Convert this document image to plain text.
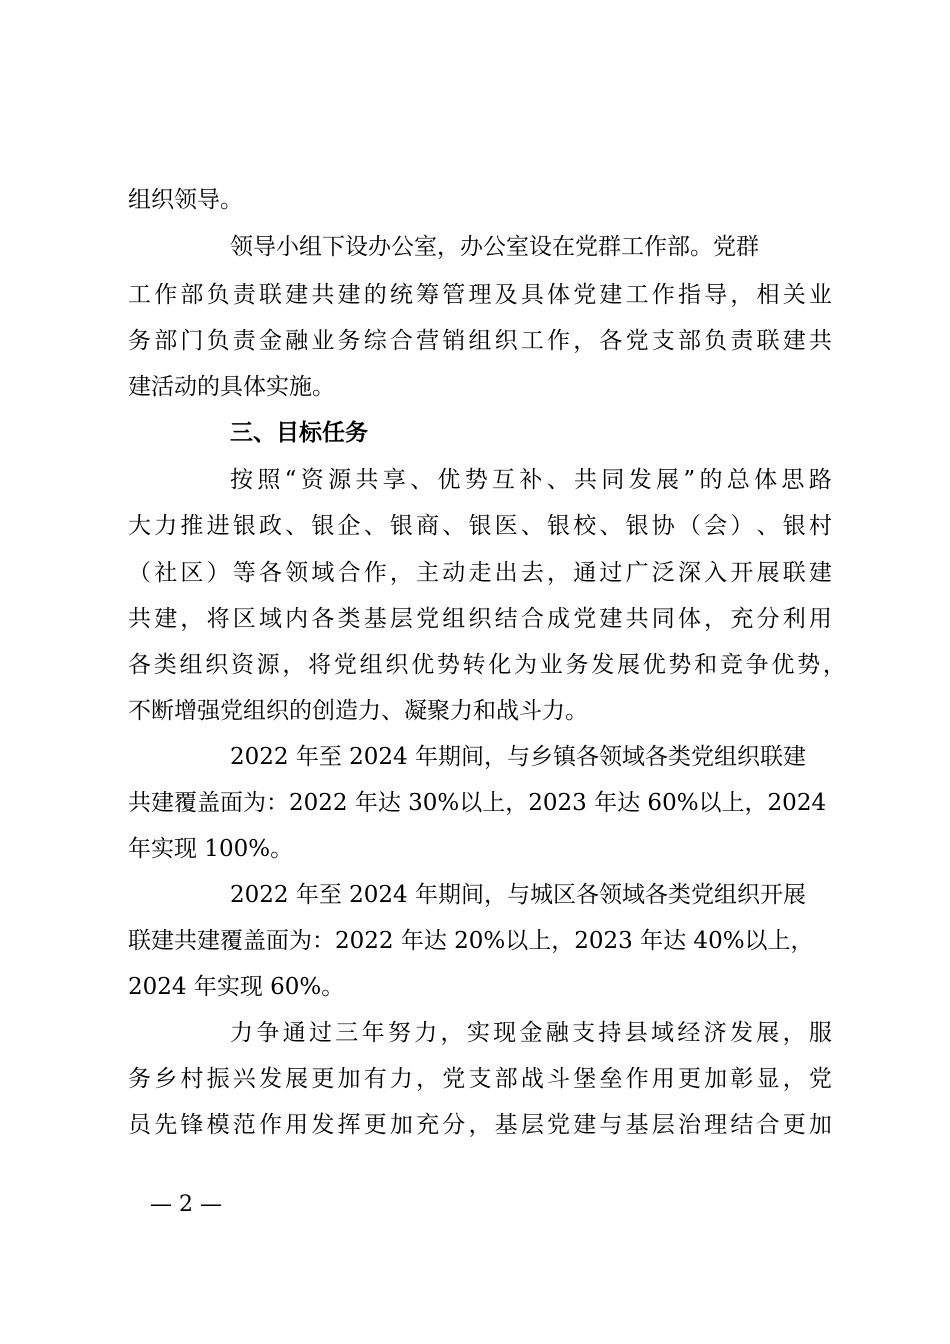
组织领导。
领导小组下设办公室，办公室设在党群工作部。党群
工 作 部 负 责 联 建 共 建 的 统 筹 管 理 及 具 体 党 建 工 作 指 导 ， 相 关 业
务 部 门 负 责 金 融 业 务 综 合 营 销 组 织 工 作 ， 各 党 支 部 负 责 联 建 共
建活动的具体实施。
三、目标任务
按 照 “ 资 源 共 享 、 优 势 互 补 、 共 同 发 展 ” 的 总 体 思 路
大 力 推 进 银 政 、 银 企 、 银 商 、 银 医 、 银 校 、 银 协 （ 会 ） 、 银 村
（ 社 区 ） 等 各 领 域 合 作 ， 主 动 走 出 去 ， 通 过 广 泛 深 入 开 展 联 建
共 建 ， 将 区 域 内 各 类 基 层 党 组 织 结 合 成 党 建 共 同 体 ， 充 分 利 用
各 类 组 织 资 源 ， 将 党 组 织 优 势 转 化 为 业 务 发 展 优 势 和 竞 争 优 势 ，
不断增强党组织的创造力、凝聚力和战斗力。
2022 年至 2024 年期间，与乡镇各领域各类党组织联建
共建覆盖面为：2022 年达 30%以上，2023 年达 60%以上，2024
年实现 100%。
2022 年至 2024 年期间，与城区各领域各类党组织开展
联建共建覆盖面为：2022 年达 20%以上，2023 年达 40%以上，
2024 年实现 60%。
力 争 通 过 三 年 努 力 ， 实 现 金 融 支 持 县 域 经 济 发 展 ， 服
务 乡 村 振 兴 发 展 更 加 有 力 ， 党 支 部 战 斗 堡 垒 作 用 更 加 彰 显 ， 党
员 先 锋 模 范 作 用 发 挥 更 加 充 分 ， 基 层 党 建 与 基 层 治 理 结 合 更 加
— 2 —
